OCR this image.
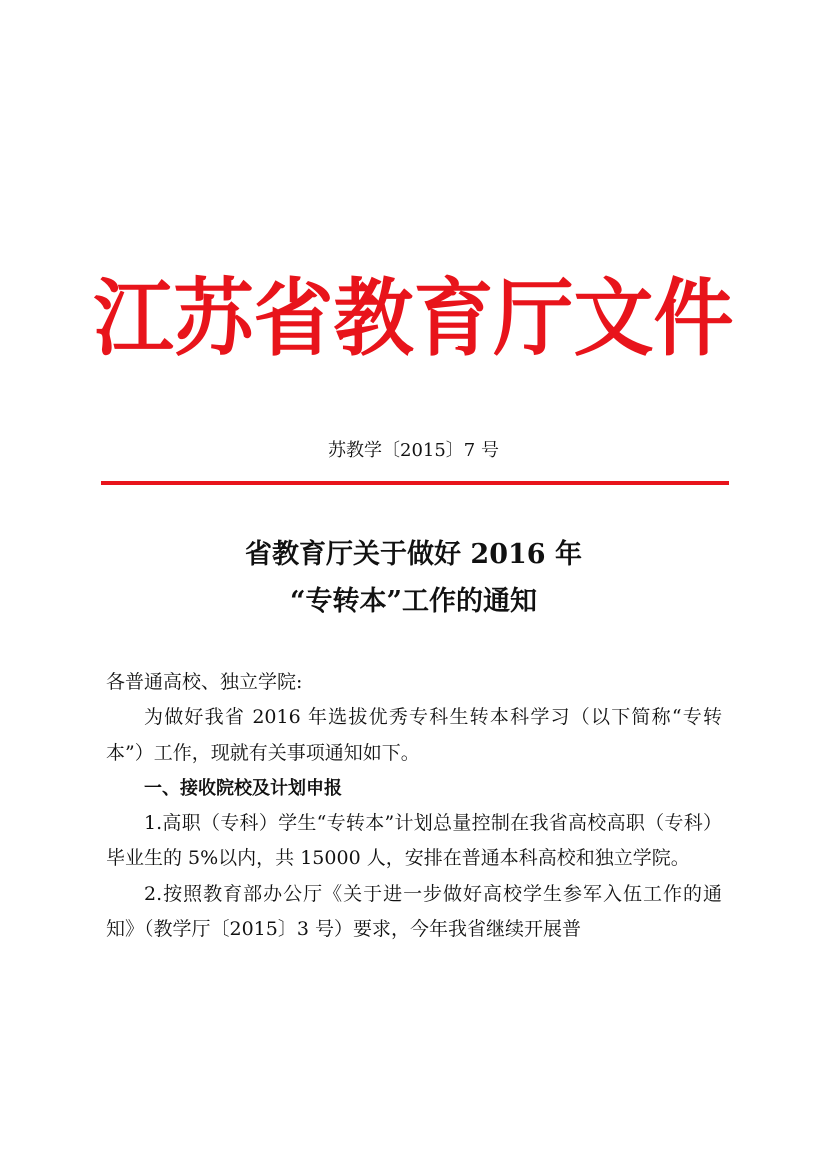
江苏省教育厅文件
苏教学〔2015〕7 号
省教育厅关于做好 2016 年
“专转本”工作的通知

各普通高校、独立学院:

为做好我省 2016 年选拔优秀专科生转本科学习（以下简称“专转本”）工作，现就有关事项通知如下。

一、接收院校及计划申报

1.高职（专科）学生“专转本”计划总量控制在我省高校高职（专科）毕业生的 5%以内，共 15000 人，安排在普通本科高校和独立学院。

2.按照教育部办公厅《关于进一步做好高校学生参军入伍工作的通知》（教学厅〔2015〕3 号）要求，今年我省继续开展普
